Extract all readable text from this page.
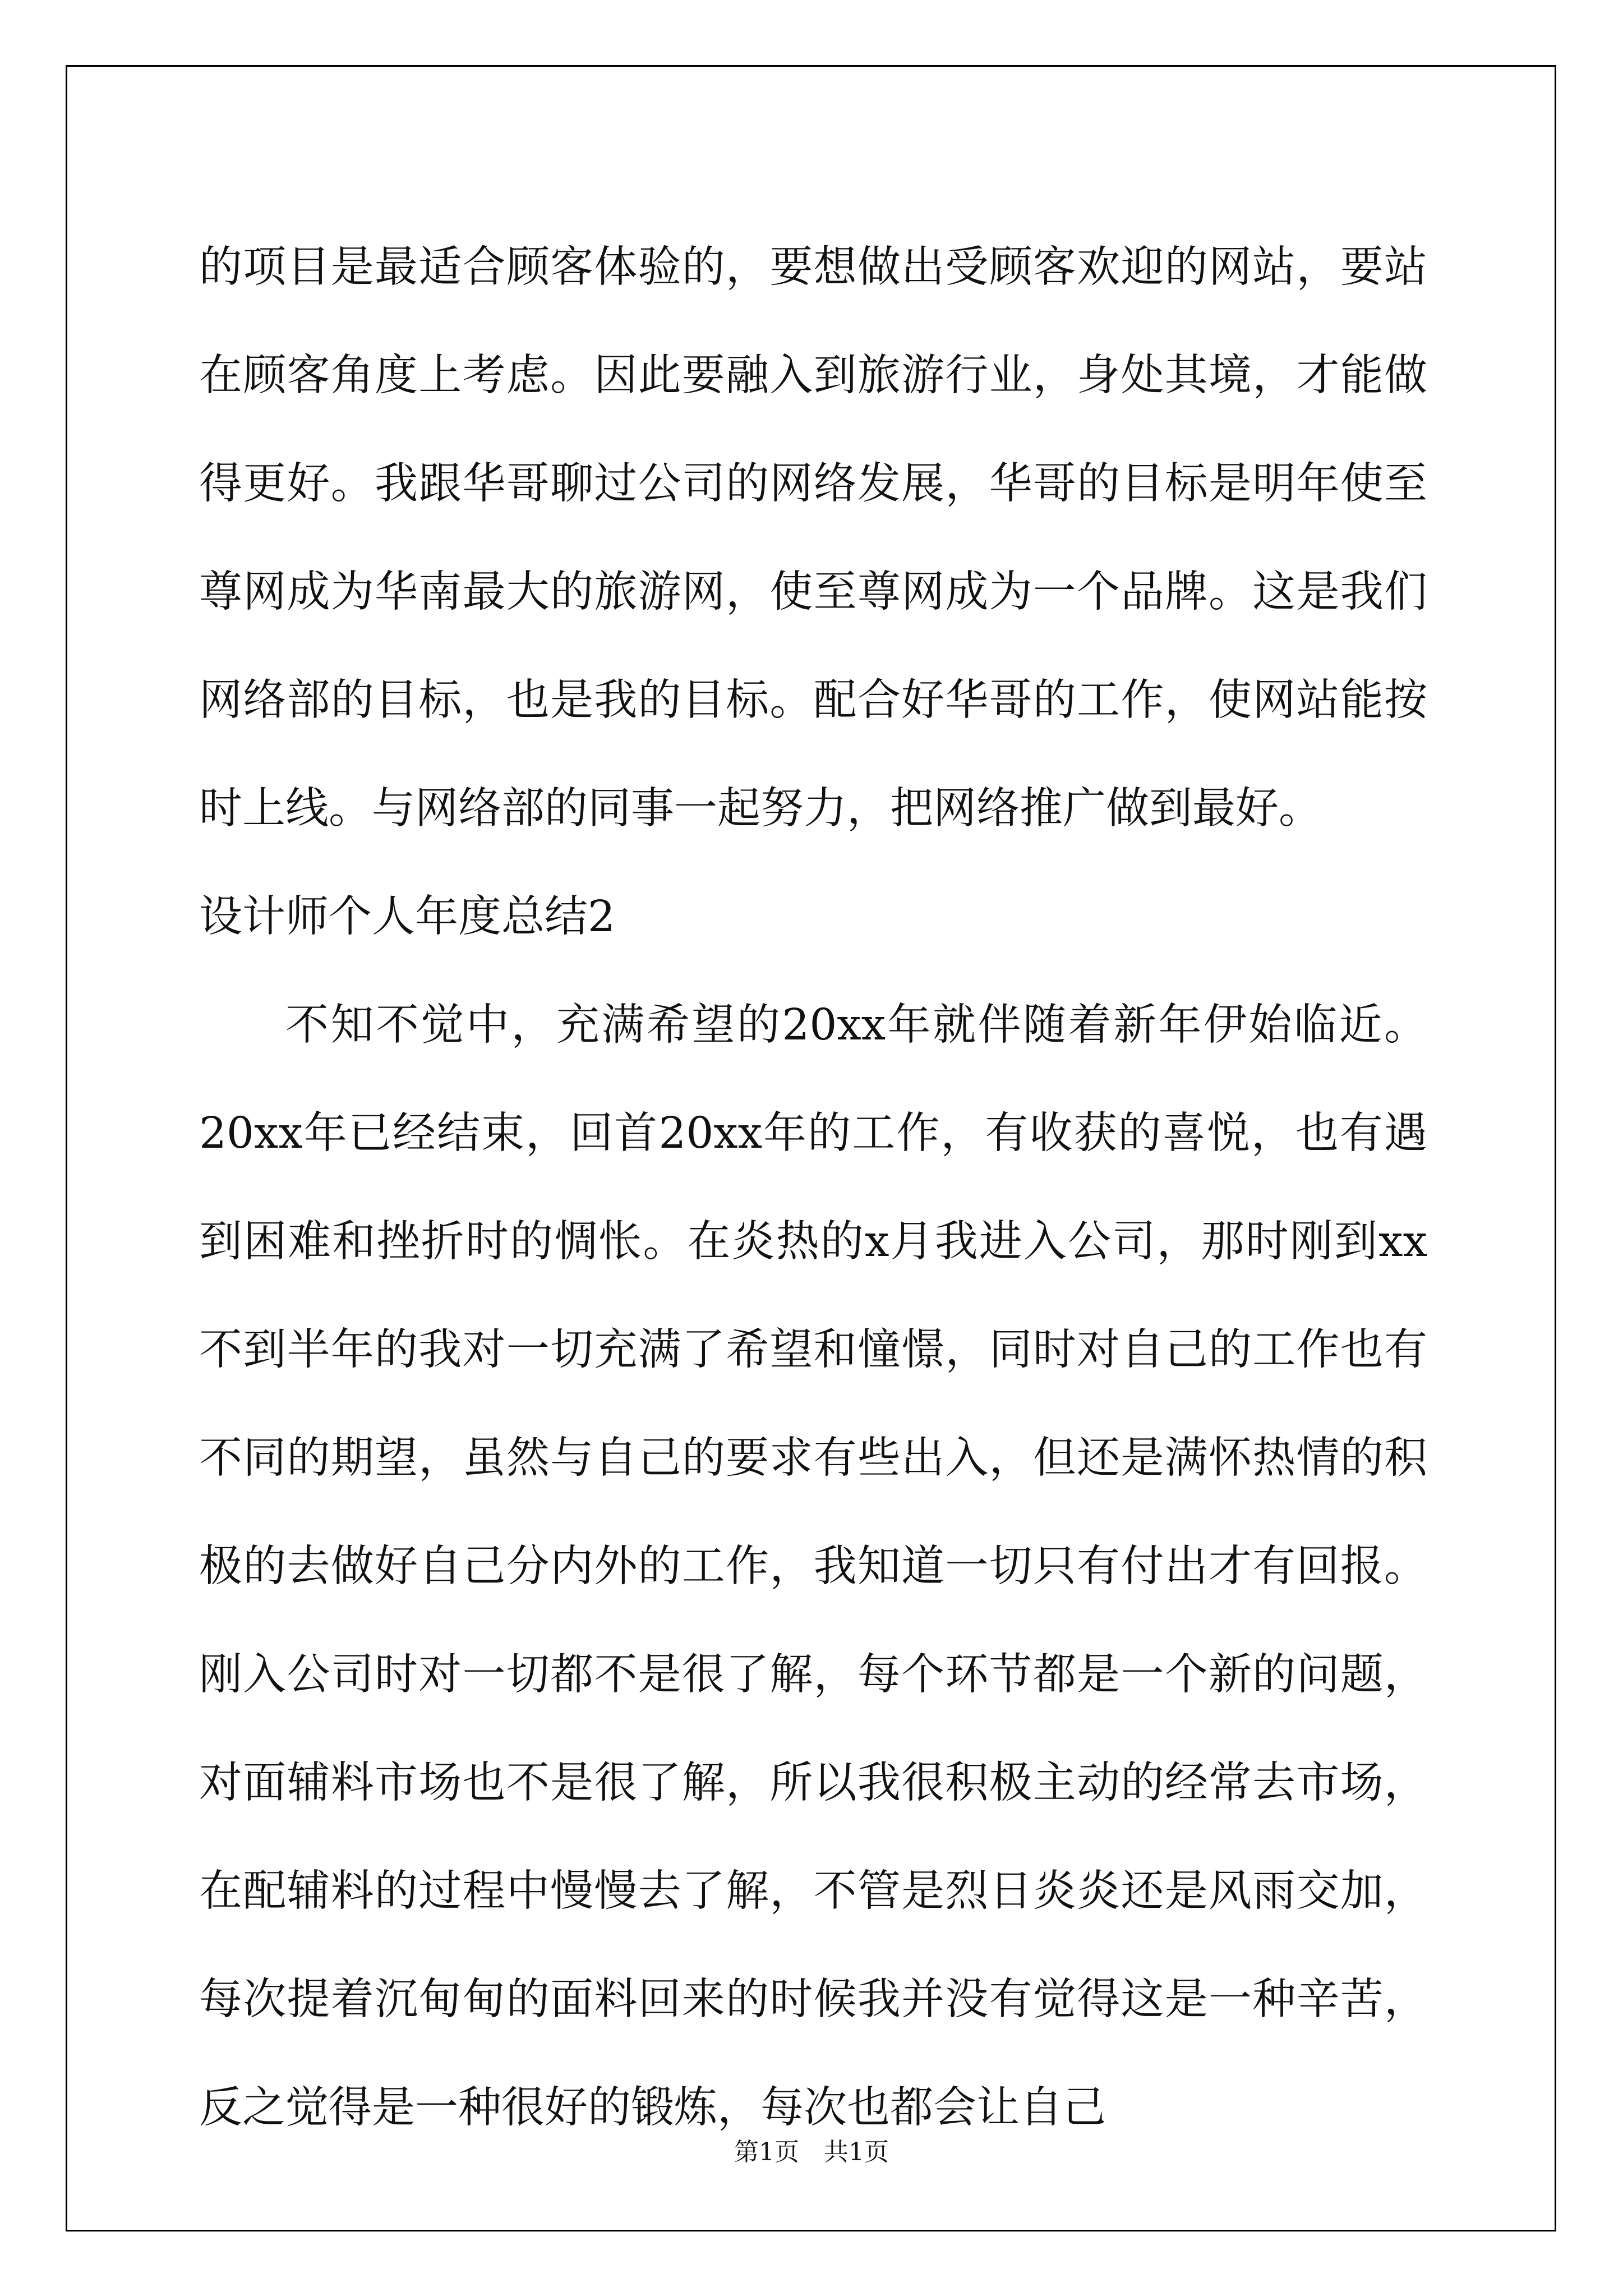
的项目是最适合顾客体验的，要想做出受顾客欢迎的网站，要站在顾客角度上考虑。因此要融入到旅游行业，身处其境，才能做得更好。我跟华哥聊过公司的网络发展，华哥的目标是明年使至尊网成为华南最大的旅游网，使至尊网成为一个品牌。这是我们网络部的目标，也是我的目标。配合好华哥的工作，使网站能按时上线。与网络部的同事一起努力，把网络推广做到最好。

设计师个人年度总结2

不知不觉中，充满希望的20xx年就伴随着新年伊始临近。20xx年已经结束，回首20xx年的工作，有收获的喜悦，也有遇到困难和挫折时的惆怅。在炎热的x月我进入公司，那时刚到xx不到半年的我对一切充满了希望和憧憬，同时对自己的工作也有不同的期望，虽然与自己的要求有些出入，但还是满怀热情的积极的去做好自己分内外的工作，我知道一切只有付出才有回报。刚入公司时对一切都不是很了解，每个环节都是一个新的问题，对面辅料市场也不是很了解，所以我很积极主动的经常去市场，在配辅料的过程中慢慢去了解，不管是烈日炎炎还是风雨交加，每次提着沉甸甸的面料回来的时候我并没有觉得这是一种辛苦，反之觉得是一种很好的锻炼，每次也都会让自己

第1页　共1页
